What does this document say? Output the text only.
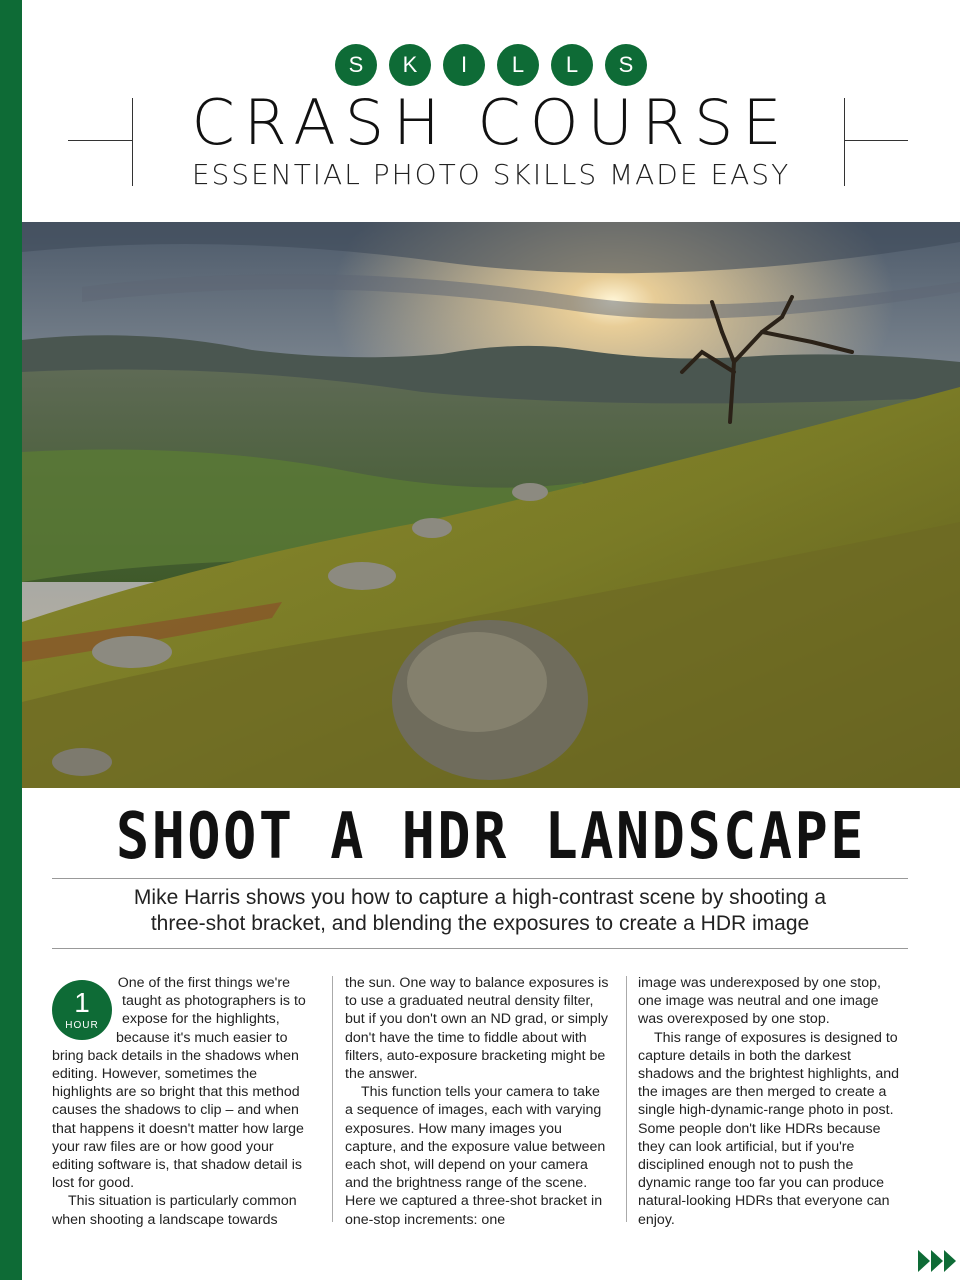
S K I L L S
CRASH COURSE
ESSENTIAL PHOTO SKILLS MADE EASY
SHOOT A HDR LANDSCAPE
Mike Harris shows you how to capture a high-contrast scene by shooting a
three-shot bracket, and blending the exposures to create a HDR image
1
HOUR

One of the first things we're taught as photographers is to expose for the highlights, because it's much easier to bring back details in the shadows when editing. However, sometimes the highlights are so bright that this method causes the shadows to clip – and when that happens it doesn't matter how large your raw files are or how good your editing software is, that shadow detail is lost for good.

This situation is particularly common when shooting a landscape towards

the sun. One way to balance exposures is to use a graduated neutral density filter, but if you don't own an ND grad, or simply don't have the time to fiddle about with filters, auto-exposure bracketing might be the answer.

This function tells your camera to take a sequence of images, each with varying exposures. How many images you capture, and the exposure value between each shot, will depend on your camera and the brightness range of the scene. Here we captured a three-shot bracket in one-stop increments: one

image was underexposed by one stop, one image was neutral and one image was overexposed by one stop.

This range of exposures is designed to capture details in both the darkest shadows and the brightest highlights, and the images are then merged to create a single high-dynamic-range photo in post. Some people don't like HDRs because they can look artificial, but if you're disciplined enough not to push the dynamic range too far you can produce natural-looking HDRs that everyone can enjoy.
